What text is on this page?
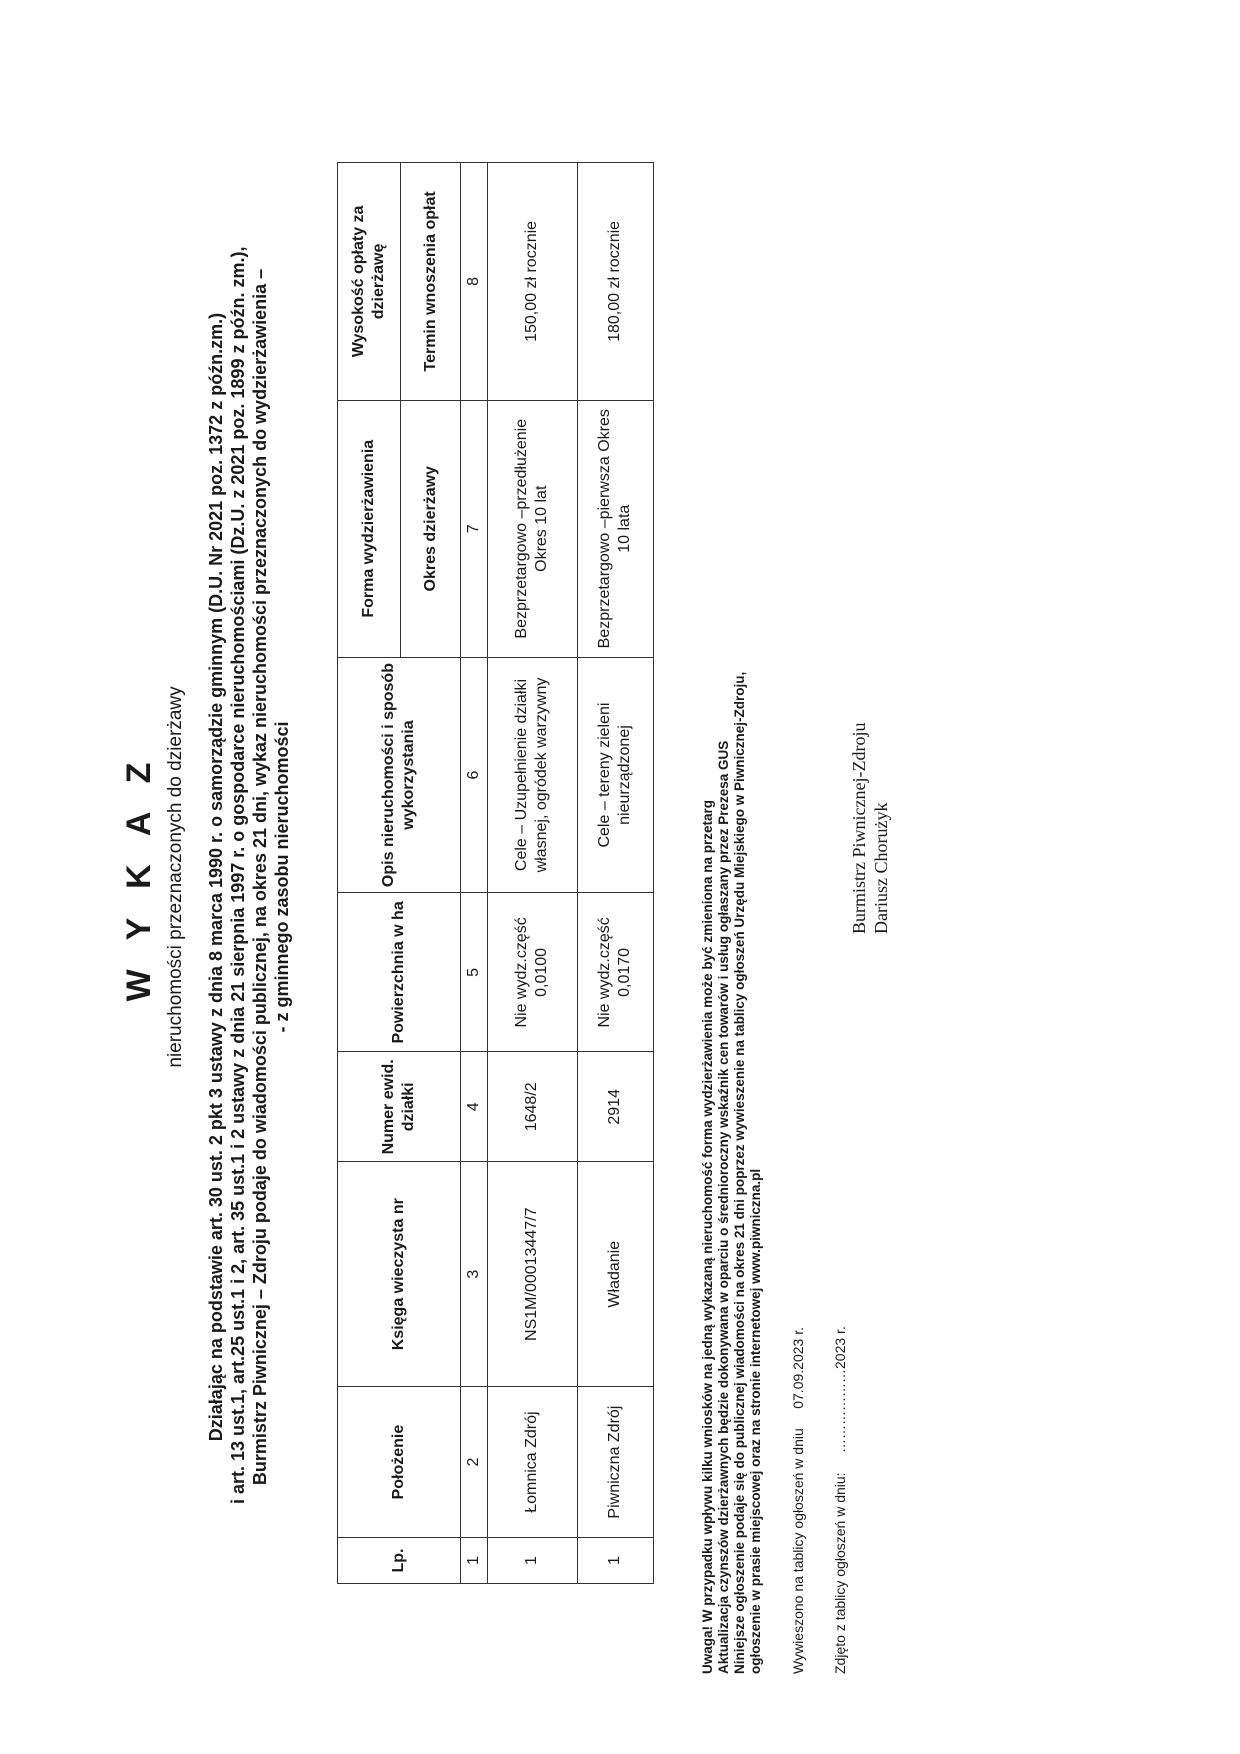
W Y K A Z nieruchomości przeznaczonych do dzierżawy Działając na podstawie art. 30 ust. 2 pkt 3 ustawy z dnia 8 marca 1990 r. o samorządzie gminnym (D.U. Nr 2021 poz. 1372 z późn.zm.) i art. 13 ust.1, art.25 ust.1 i 2, art. 35 ust.1 i 2 ustawy z dnia 21 sierpnia 1997 r. o gospodarce nieruchomościami (Dz.U. z 2021 poz. 1899 z późn. zm.), Burmistrz Piwnicznej – Zdroju podaje do wiadomości publicznej, na okres 21 dni, wykaz nieruchomości przeznaczonych do wydzierżawienia – - z gminnego zasobu nieruchomości
Lp.	Położenie	Księga wieczysta nr	Numer ewid. działki	Powierzchnia w ha	Opis nieruchomości i sposób wykorzystania	Forma wydzierżawienia	Wysokość opłaty za dzierżawę
						Okres dzierżawy	Termin wnoszenia opłat
1	2	3	4	5	6	7	8
1	Łomnica Zdrój	NS1M/00013447/7	1648/2	Nie wydz.część 0,0100	Cele – Uzupełnienie działki własnej, ogródek warzywny	Bezprzetargowo –przedłużenie Okres 10 lat	150,00 zł rocznie
1	Piwniczna Zdrój	Władanie	2914	Nie wydz.część 0,0170	Cele – tereny zieleni nieurządzonej	Bezprzetargowo –pierwsza Okres 10 lata	180,00 zł rocznie
Uwaga! W przypadku wpływu kilku wniosków na jedną wykazaną nieruchomość forma wydzierżawienia może być zmieniona na przetarg Aktualizacja czynszów dzierżawnych będzie dokonywana w oparciu o średnioroczny wskaźnik cen towarów i usług ogłaszany przez Prezesa GUS Niniejsze ogłoszenie podaje się do publicznej wiadomości na okres 21 dni poprzez wywieszenie na tablicy ogłoszeń Urzędu Miejskiego w Piwnicznej-Zdroju, ogłoszenie w prasie miejscowej oraz na stronie internetowej www.piwniczna.pl Wywieszono na tablicy ogłoszeń w dniu     07.09.2023 r.
Zdjęto z tablicy ogłoszeń w dniu:     ………………2023 r.
Burmistrz Piwnicznej-Zdroju Dariusz Chorużyk
